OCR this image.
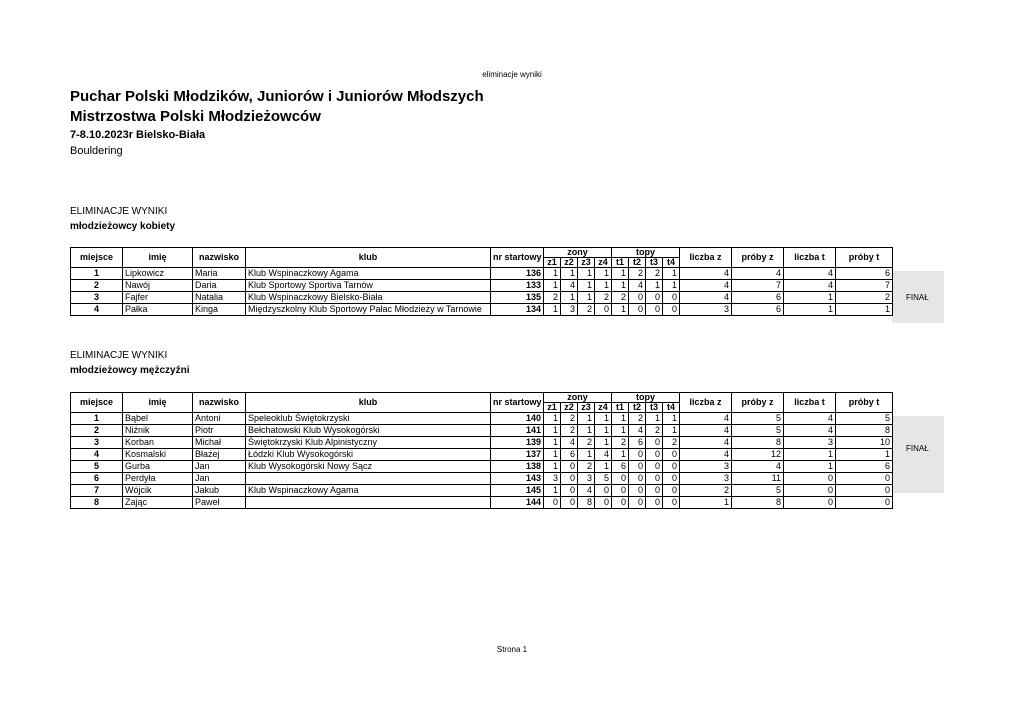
eliminacje wyniki
Puchar Polski Młodzików, Juniorów i Juniorów Młodszych
Mistrzostwa Polski Młodzieżowców
7-8.10.2023r Bielsko-Biała
Bouldering
ELIMINACJE WYNIKI
młodzieżowcy kobiety
FINAŁ
miejsce	imię	nazwisko	klub	nr startowy	zony				topy				liczba z	próby z	liczba t	próby t
					z1	z2	z3	z4	t1	t2	t3	t4				
1	Lipkowicz	Maria	Klub Wspinaczkowy Agama	136	1	1	1	1	1	2	2	1	4	4	4	6
2	Nawój	Daria	Klub Sportowy Sportiva Tarnów	133	1	4	1	1	1	4	1	1	4	7	4	7
3	Fajfer	Natalia	Klub Wspinaczkowy Bielsko-Biała	135	2	1	1	2	2	0	0	0	4	6	1	2
4	Pałka	Kinga	Międzyszkolny Klub Sportowy Pałac Młodzieży w Tarnowie	134	1	3	2	0	1	0	0	0	3	6	1	1
ELIMINACJE WYNIKI
młodzieżowcy mężczyźni
FINAŁ
miejsce	imię	nazwisko	klub	nr startowy	zony				topy				liczba z	próby z	liczba t	próby t
					z1	z2	z3	z4	t1	t2	t3	t4				
1	Bąbel	Antoni	Speleoklub Świętokrzyski	140	1	2	1	1	1	2	1	1	4	5	4	5
2	Niźnik	Piotr	Bełchatowski Klub Wysokogórski	141	1	2	1	1	1	4	2	1	4	5	4	8
3	Korban	Michał	Świętokrzyski Klub Alpinistyczny	139	1	4	2	1	2	6	0	2	4	8	3	10
4	Kosmalski	Błażej	Łódzki Klub Wysokogórski	137	1	6	1	4	1	0	0	0	4	12	1	1
5	Gurba	Jan	Klub Wysokogórski Nowy Sącz	138	1	0	2	1	6	0	0	0	3	4	1	6
6	Perdyła	Jan		143	3	0	3	5	0	0	0	0	3	11	0	0
7	Wójcik	Jakub	Klub Wspinaczkowy Agama	145	1	0	4	0	0	0	0	0	2	5	0	0
8	Zając	Paweł		144	0	0	8	0	0	0	0	0	1	8	0	0
Strona 1
